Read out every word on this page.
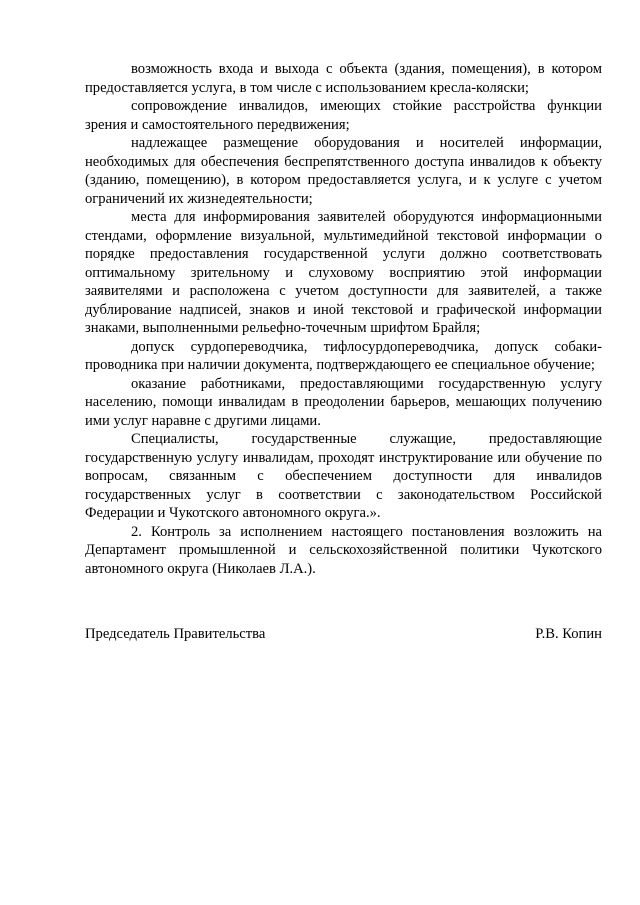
возможность входа и выхода с объекта (здания, помещения), в котором предоставляется услуга, в том числе с использованием кресла-коляски;

сопровождение инвалидов, имеющих стойкие расстройства функции зрения и самостоятельного передвижения;

надлежащее размещение оборудования и носителей информации, необходимых для обеспечения беспрепятственного доступа инвалидов к объекту (зданию, помещению), в котором предоставляется услуга, и к услуге с учетом ограничений их жизнедеятельности;

места для информирования заявителей оборудуются информационными стендами, оформление визуальной, мультимедийной текстовой информации о порядке предоставления государственной услуги должно соответствовать оптимальному зрительному и слуховому восприятию этой информации заявителями и расположена с учетом доступности для заявителей, а также дублирование надписей, знаков и иной текстовой и графической информации знаками, выполненными рельефно-точечным шрифтом Брайля;

допуск сурдопереводчика, тифлосурдопереводчика, допуск собаки-проводника при наличии документа, подтверждающего ее специальное обучение;

оказание работниками, предоставляющими государственную услугу населению, помощи инвалидам в преодолении барьеров, мешающих получению ими услуг наравне с другими лицами.

Специалисты, государственные служащие, предоставляющие государственную услугу инвалидам, проходят инструктирование или обучение по вопросам, связанным с обеспечением доступности для инвалидов государственных услуг в соответствии с законодательством Российской Федерации и Чукотского автономного округа.».

2. Контроль за исполнением настоящего постановления возложить на Департамент промышленной и сельскохозяйственной политики Чукотского автономного округа (Николаев Л.А.).

Председатель Правительства	Р.В. Копин
